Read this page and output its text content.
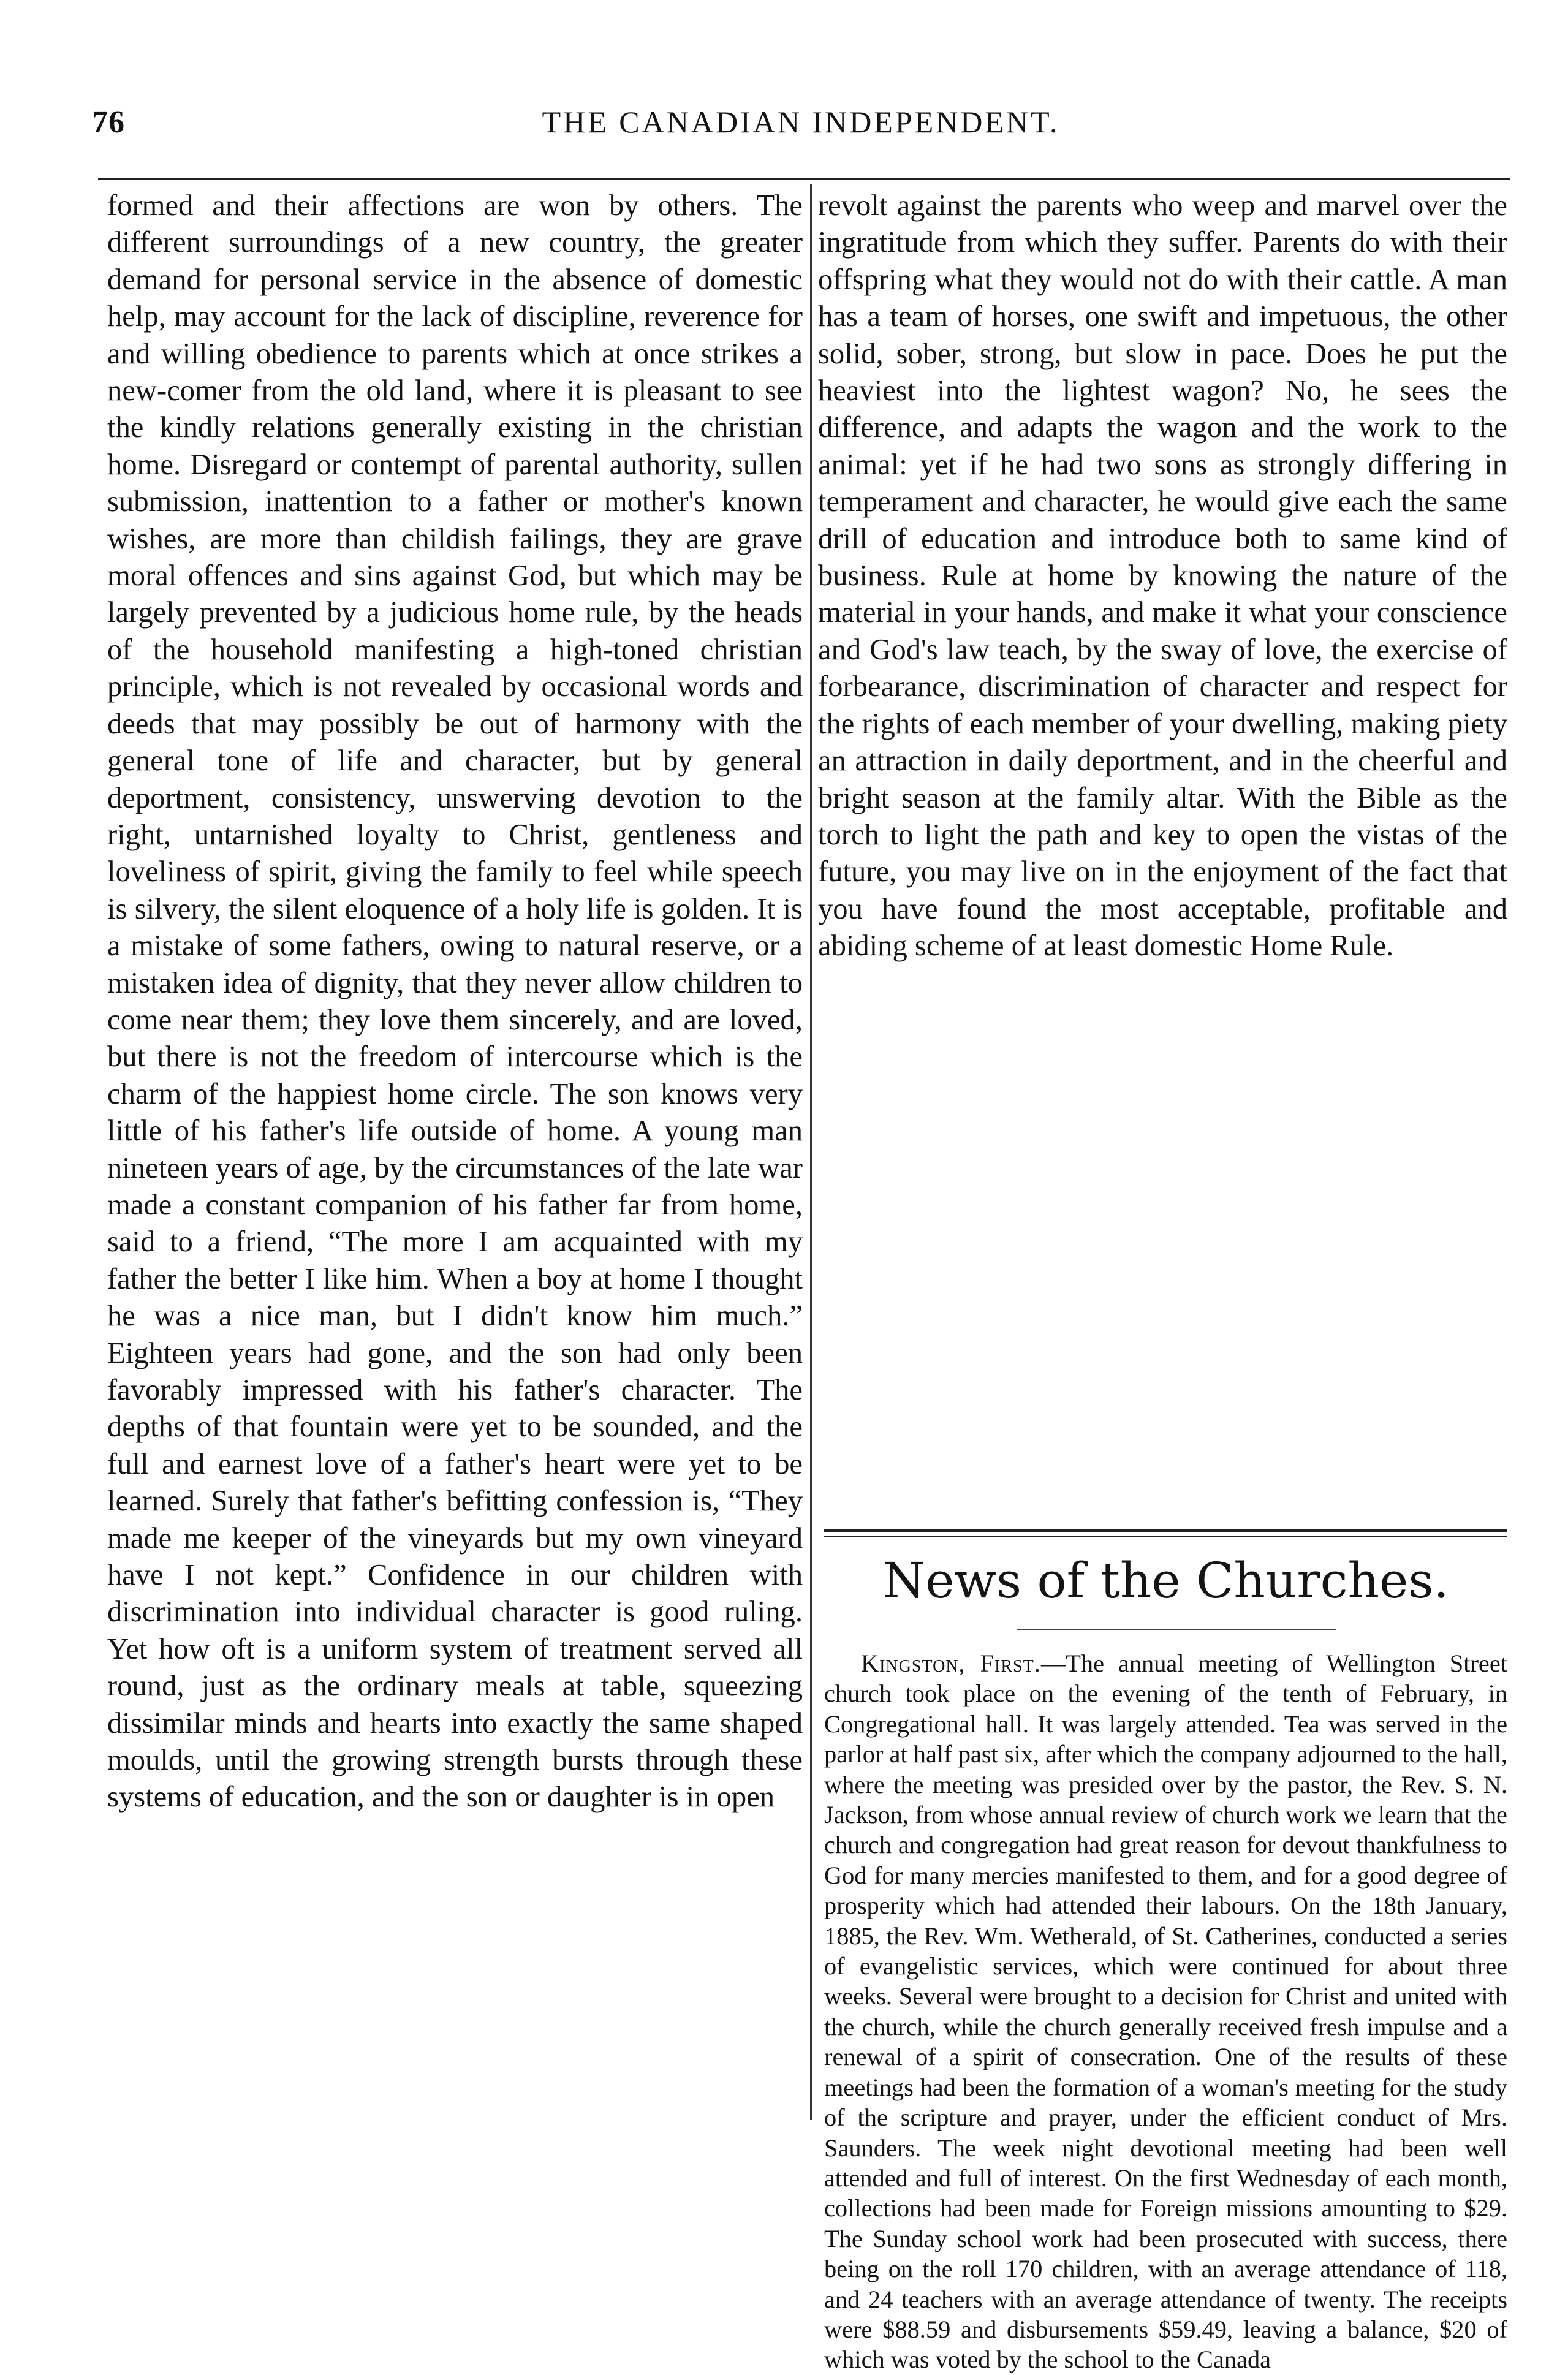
76	THE CANADIAN INDEPENDENT.

formed and their affections are won by others. The different surroundings of a new country, the greater demand for personal service in the absence of domestic help, may account for the lack of discipline, reverence for and willing obedience to parents which at once strikes a new-comer from the old land, where it is pleasant to see the kindly relations generally existing in the christian home. Disregard or contempt of parental authority, sullen submission, inattention to a father or mother's known wishes, are more than childish failings, they are grave moral offences and sins against God, but which may be largely prevented by a judicious home rule, by the heads of the household manifesting a high-toned christian principle, which is not revealed by occasional words and deeds that may possibly be out of harmony with the general tone of life and character, but by general deportment, consistency, unswerving devotion to the right, untarnished loyalty to Christ, gentleness and loveliness of spirit, giving the family to feel while speech is silvery, the silent eloquence of a holy life is golden. It is a mistake of some fathers, owing to natural reserve, or a mistaken idea of dignity, that they never allow children to come near them; they love them sincerely, and are loved, but there is not the freedom of intercourse which is the charm of the happiest home circle. The son knows very little of his father's life outside of home. A young man nineteen years of age, by the circumstances of the late war made a constant companion of his father far from home, said to a friend, “The more I am acquainted with my father the better I like him. When a boy at home I thought he was a nice man, but I didn't know him much.” Eighteen years had gone, and the son had only been favorably impressed with his father's character. The depths of that fountain were yet to be sounded, and the full and earnest love of a father's heart were yet to be learned. Surely that father's befitting confession is, “They made me keeper of the vineyards but my own vineyard have I not kept.” Confidence in our children with discrimination into individual character is good ruling. Yet how oft is a uniform system of treatment served all round, just as the ordinary meals at table, squeezing dissimilar minds and hearts into exactly the same shaped moulds, until the growing strength bursts through these systems of education, and the son or daughter is in open

revolt against the parents who weep and marvel over the ingratitude from which they suffer. Parents do with their offspring what they would not do with their cattle. A man has a team of horses, one swift and impetuous, the other solid, sober, strong, but slow in pace. Does he put the heaviest into the lightest wagon? No, he sees the difference, and adapts the wagon and the work to the animal: yet if he had two sons as strongly differing in temperament and character, he would give each the same drill of education and introduce both to same kind of business. Rule at home by knowing the nature of the material in your hands, and make it what your conscience and God's law teach, by the sway of love, the exercise of forbearance, discrimination of character and respect for the rights of each member of your dwelling, making piety an attraction in daily deportment, and in the cheerful and bright season at the family altar. With the Bible as the torch to light the path and key to open the vistas of the future, you may live on in the enjoyment of the fact that you have found the most acceptable, profitable and abiding scheme of at least domestic Home Rule.

News of the Churches.

Kingston, First.—The annual meeting of Wellington Street church took place on the evening of the tenth of February, in Congregational hall. It was largely attended. Tea was served in the parlor at half past six, after which the company adjourned to the hall, where the meeting was presided over by the pastor, the Rev. S. N. Jackson, from whose annual review of church work we learn that the church and congregation had great reason for devout thankfulness to God for many mercies manifested to them, and for a good degree of prosperity which had attended their labours. On the 18th January, 1885, the Rev. Wm. Wetherald, of St. Catherines, conducted a series of evangelistic services, which were continued for about three weeks. Several were brought to a decision for Christ and united with the church, while the church generally received fresh impulse and a renewal of a spirit of consecration. One of the results of these meetings had been the formation of a woman's meeting for the study of the scripture and prayer, under the efficient conduct of Mrs. Saunders. The week night devotional meeting had been well attended and full of interest. On the first Wednesday of each month, collections had been made for Foreign missions amounting to $29. The Sunday school work had been prosecuted with success, there being on the roll 170 children, with an average attendance of 118, and 24 teachers with an average attendance of twenty. The receipts were $88.59 and disbursements $59.49, leaving a balance, $20 of which was voted by the school to the Canada
